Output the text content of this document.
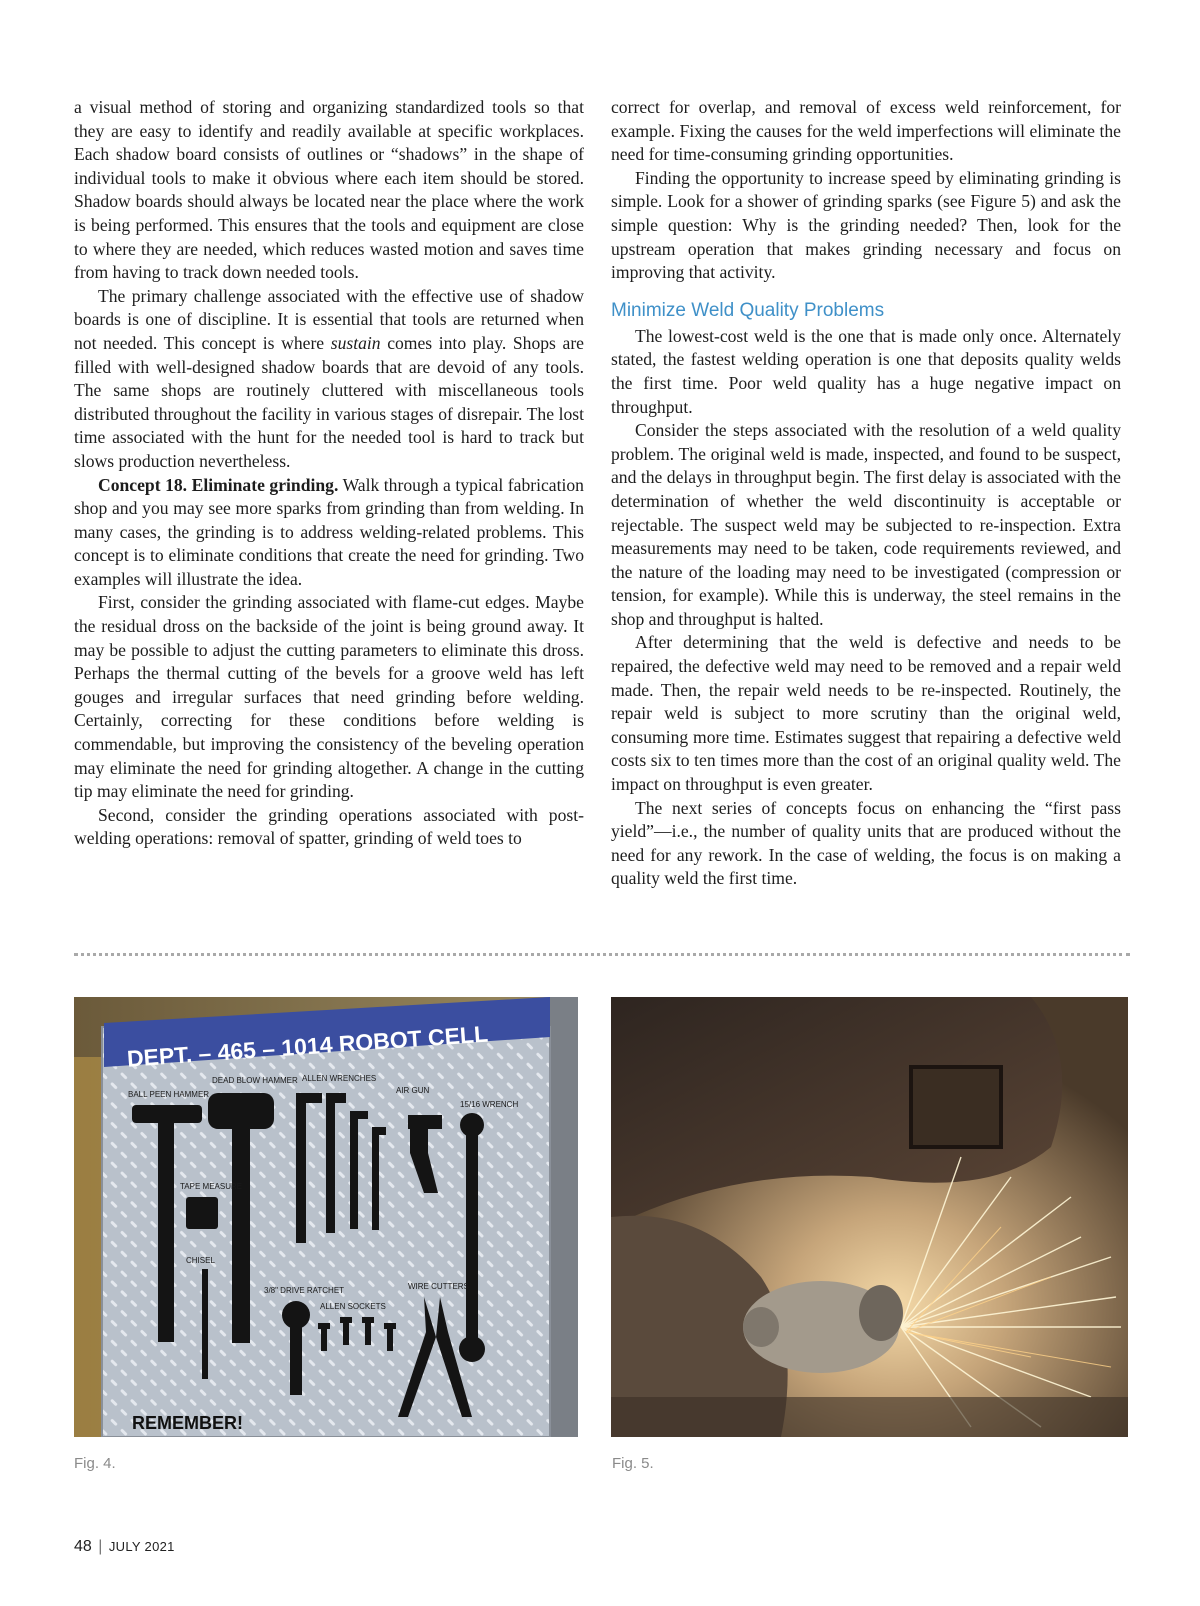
a visual method of storing and organizing standardized tools so that they are easy to identify and readily available at specific workplaces. Each shadow board consists of outlines or “shadows” in the shape of individual tools to make it obvious where each item should be stored. Shadow boards should always be located near the place where the work is being performed. This ensures that the tools and equipment are close to where they are needed, which reduces wasted motion and saves time from having to track down needed tools.

The primary challenge associated with the effective use of shadow boards is one of discipline. It is essential that tools are returned when not needed. This concept is where sustain comes into play. Shops are filled with well-designed shadow boards that are devoid of any tools. The same shops are routinely cluttered with miscellaneous tools distributed throughout the facility in various stages of disrepair. The lost time associated with the hunt for the needed tool is hard to track but slows production nevertheless.

Concept 18. Eliminate grinding. Walk through a typical fabrication shop and you may see more sparks from grinding than from welding. In many cases, the grinding is to address welding-related problems. This concept is to eliminate conditions that create the need for grinding. Two examples will illustrate the idea.

First, consider the grinding associated with flame-cut edges. Maybe the residual dross on the backside of the joint is being ground away. It may be possible to adjust the cutting parameters to eliminate this dross. Perhaps the thermal cutting of the bevels for a groove weld has left gouges and irregular surfaces that need grinding before welding. Certainly, correcting for these conditions before welding is commendable, but improving the consistency of the beveling operation may eliminate the need for grinding altogether. A change in the cutting tip may eliminate the need for grinding.

Second, consider the grinding operations associated with post-welding operations: removal of spatter, grinding of weld toes to

correct for overlap, and removal of excess weld reinforcement, for example. Fixing the causes for the weld imperfections will eliminate the need for time-consuming grinding opportunities.

Finding the opportunity to increase speed by eliminating grinding is simple. Look for a shower of grinding sparks (see Figure 5) and ask the simple question: Why is the grinding needed? Then, look for the upstream operation that makes grinding necessary and focus on improving that activity.

Minimize Weld Quality Problems

The lowest-cost weld is the one that is made only once. Alternately stated, the fastest welding operation is one that deposits quality welds the first time. Poor weld quality has a huge negative impact on throughput.

Consider the steps associated with the resolution of a weld quality problem. The original weld is made, inspected, and found to be suspect, and the delays in throughput begin. The first delay is associated with the determination of whether the weld discontinuity is acceptable or rejectable. The suspect weld may be subjected to re-inspection. Extra measurements may need to be taken, code requirements reviewed, and the nature of the loading may need to be investigated (compression or tension, for example). While this is underway, the steel remains in the shop and throughput is halted.

After determining that the weld is defective and needs to be repaired, the defective weld may need to be removed and a repair weld made. Then, the repair weld needs to be re-inspected. Routinely, the repair weld is subject to more scrutiny than the original weld, consuming more time. Estimates suggest that repairing a defective weld costs six to ten times more than the cost of an original quality weld. The impact on throughput is even greater.

The next series of concepts focus on enhancing the “first pass yield”—i.e., the number of quality units that are produced without the need for any rework. In the case of welding, the focus is on making a quality weld the first time.

DEPT. – 465 – 1014 ROBOT CELL
BALL PEEN HAMMER
DEAD BLOW HAMMER ALLEN WRENCHES
AIR GUN
15/16 WRENCH
TAPE MEASURE
CHISEL
3/8" DRIVE RATCHET
ALLEN SOCKETS
WIRE CUTTERS
REMEMBER!
Fig. 4.	Fig. 5.
48 | JULY 2021
